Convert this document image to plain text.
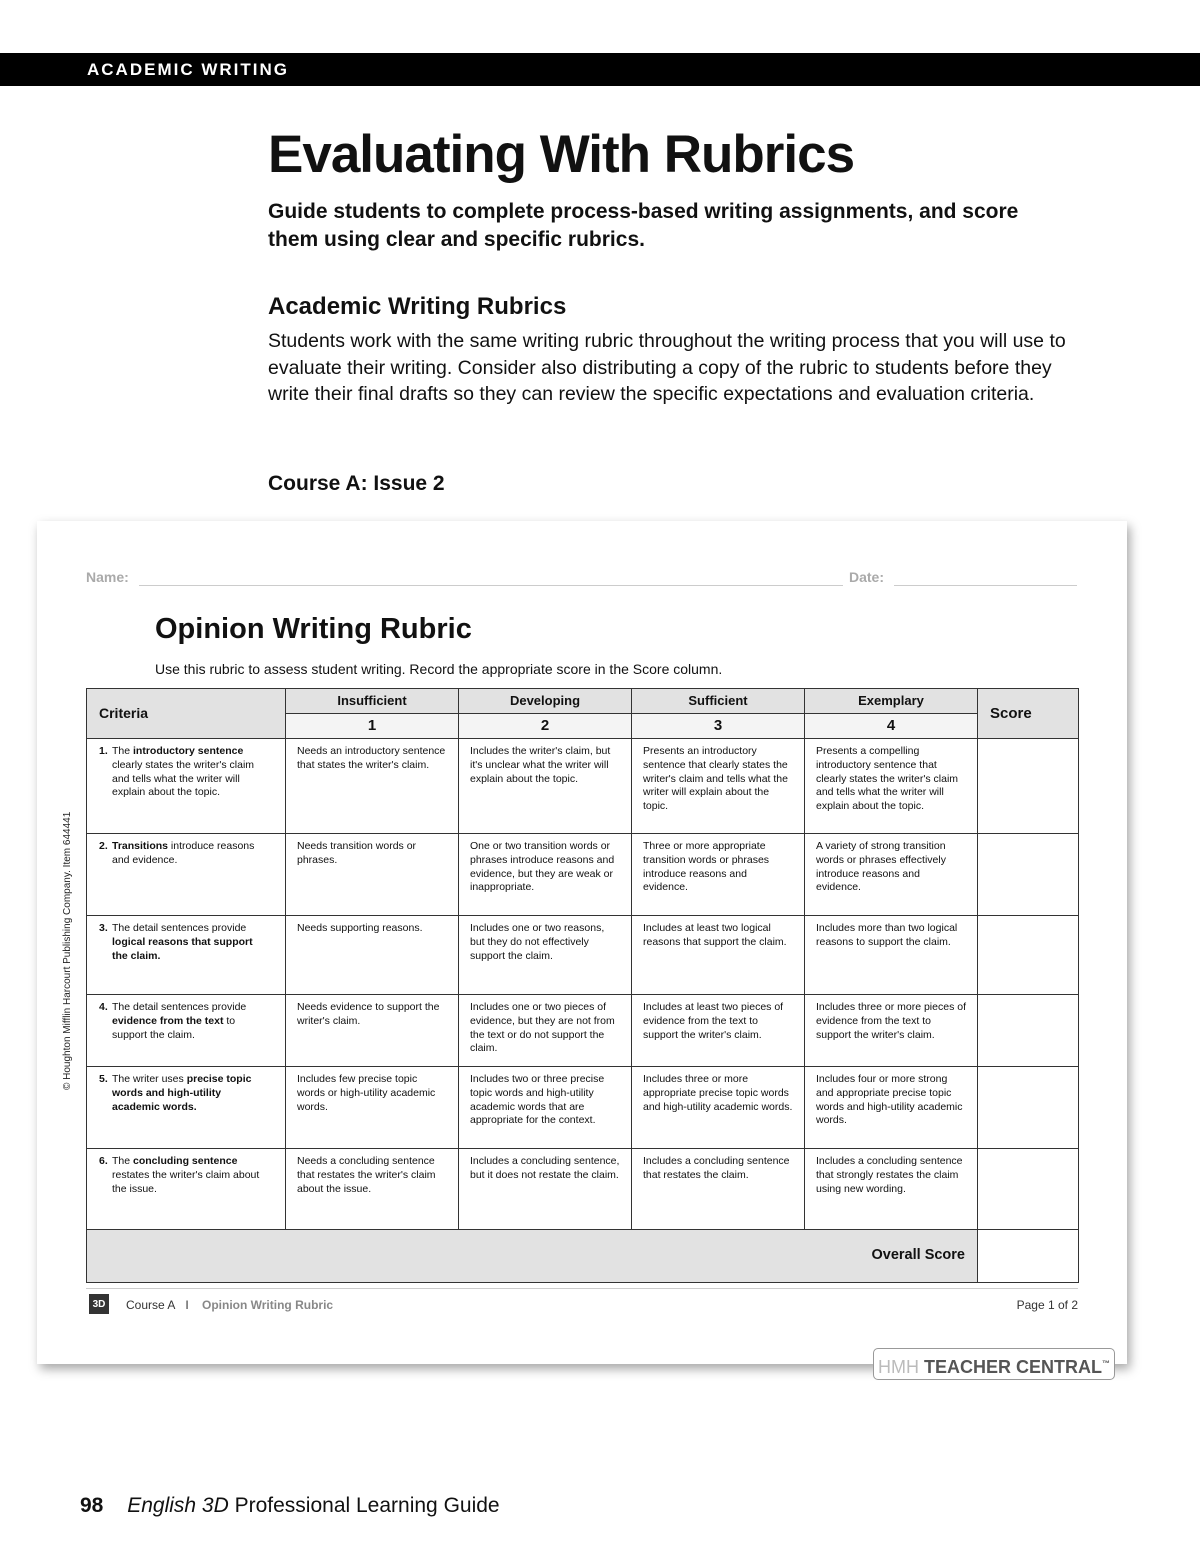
ACADEMIC WRITING
Evaluating With Rubrics

Guide students to complete process-based writing assignments, and score them using clear and specific rubrics.

Academic Writing Rubrics

Students work with the same writing rubric throughout the writing process that you will use to evaluate their writing. Consider also distributing a copy of the rubric to students before they write their final drafts so they can review the specific expectations and evaluation criteria.

Course A: Issue 2
Name:	Date:
Opinion Writing Rubric

Use this rubric to assess student writing. Record the appropriate score in the Score column.

Criteria	Insufficient	Developing	Sufficient	Exemplary	Score
	1	2	3	4	
1. The introductory sentence clearly states the writer's claim and tells what the writer will explain about the topic.	Needs an introductory sentence that states the writer's claim.	Includes the writer's claim, but it's unclear what the writer will explain about the topic.	Presents an introductory sentence that clearly states the writer's claim and tells what the writer will explain about the topic.	Presents a compelling introductory sentence that clearly states the writer's claim and tells what the writer will explain about the topic.	
2. Transitions introduce reasons and evidence.	Needs transition words or phrases.	One or two transition words or phrases introduce reasons and evidence, but they are weak or inappropriate.	Three or more appropriate transition words or phrases introduce reasons and evidence.	A variety of strong transition words or phrases effectively introduce reasons and evidence.	
3. The detail sentences provide logical reasons that support the claim.	Needs supporting reasons.	Includes one or two reasons, but they do not effectively support the claim.	Includes at least two logical reasons that support the claim.	Includes more than two logical reasons to support the claim.	
4. The detail sentences provide evidence from the text to support the claim.	Needs evidence to support the writer's claim.	Includes one or two pieces of evidence, but they are not from the text or do not support the claim.	Includes at least two pieces of evidence from the text to support the writer's claim.	Includes three or more pieces of evidence from the text to support the writer's claim.	
5. The writer uses precise topic words and high-utility academic words.	Includes few precise topic words or high-utility academic words.	Includes two or three precise topic words and high-utility academic words that are appropriate for the context.	Includes three or more appropriate precise topic words and high-utility academic words.	Includes four or more strong and appropriate precise topic words and high-utility academic words.	
6. The concluding sentence restates the writer's claim about the issue.	Needs a concluding sentence that restates the writer's claim about the issue.	Includes a concluding sentence, but it does not restate the claim.	Includes a concluding sentence that restates the claim.	Includes a concluding sentence that strongly restates the claim using new wording.	
Overall Score					
3D	Course A I Opinion Writing Rubric	Page 1 of 2
© Houghton Mifflin Harcourt Publishing Company. Item 644441
HMH TEACHER CENTRAL™
98 English 3D Professional Learning Guide
